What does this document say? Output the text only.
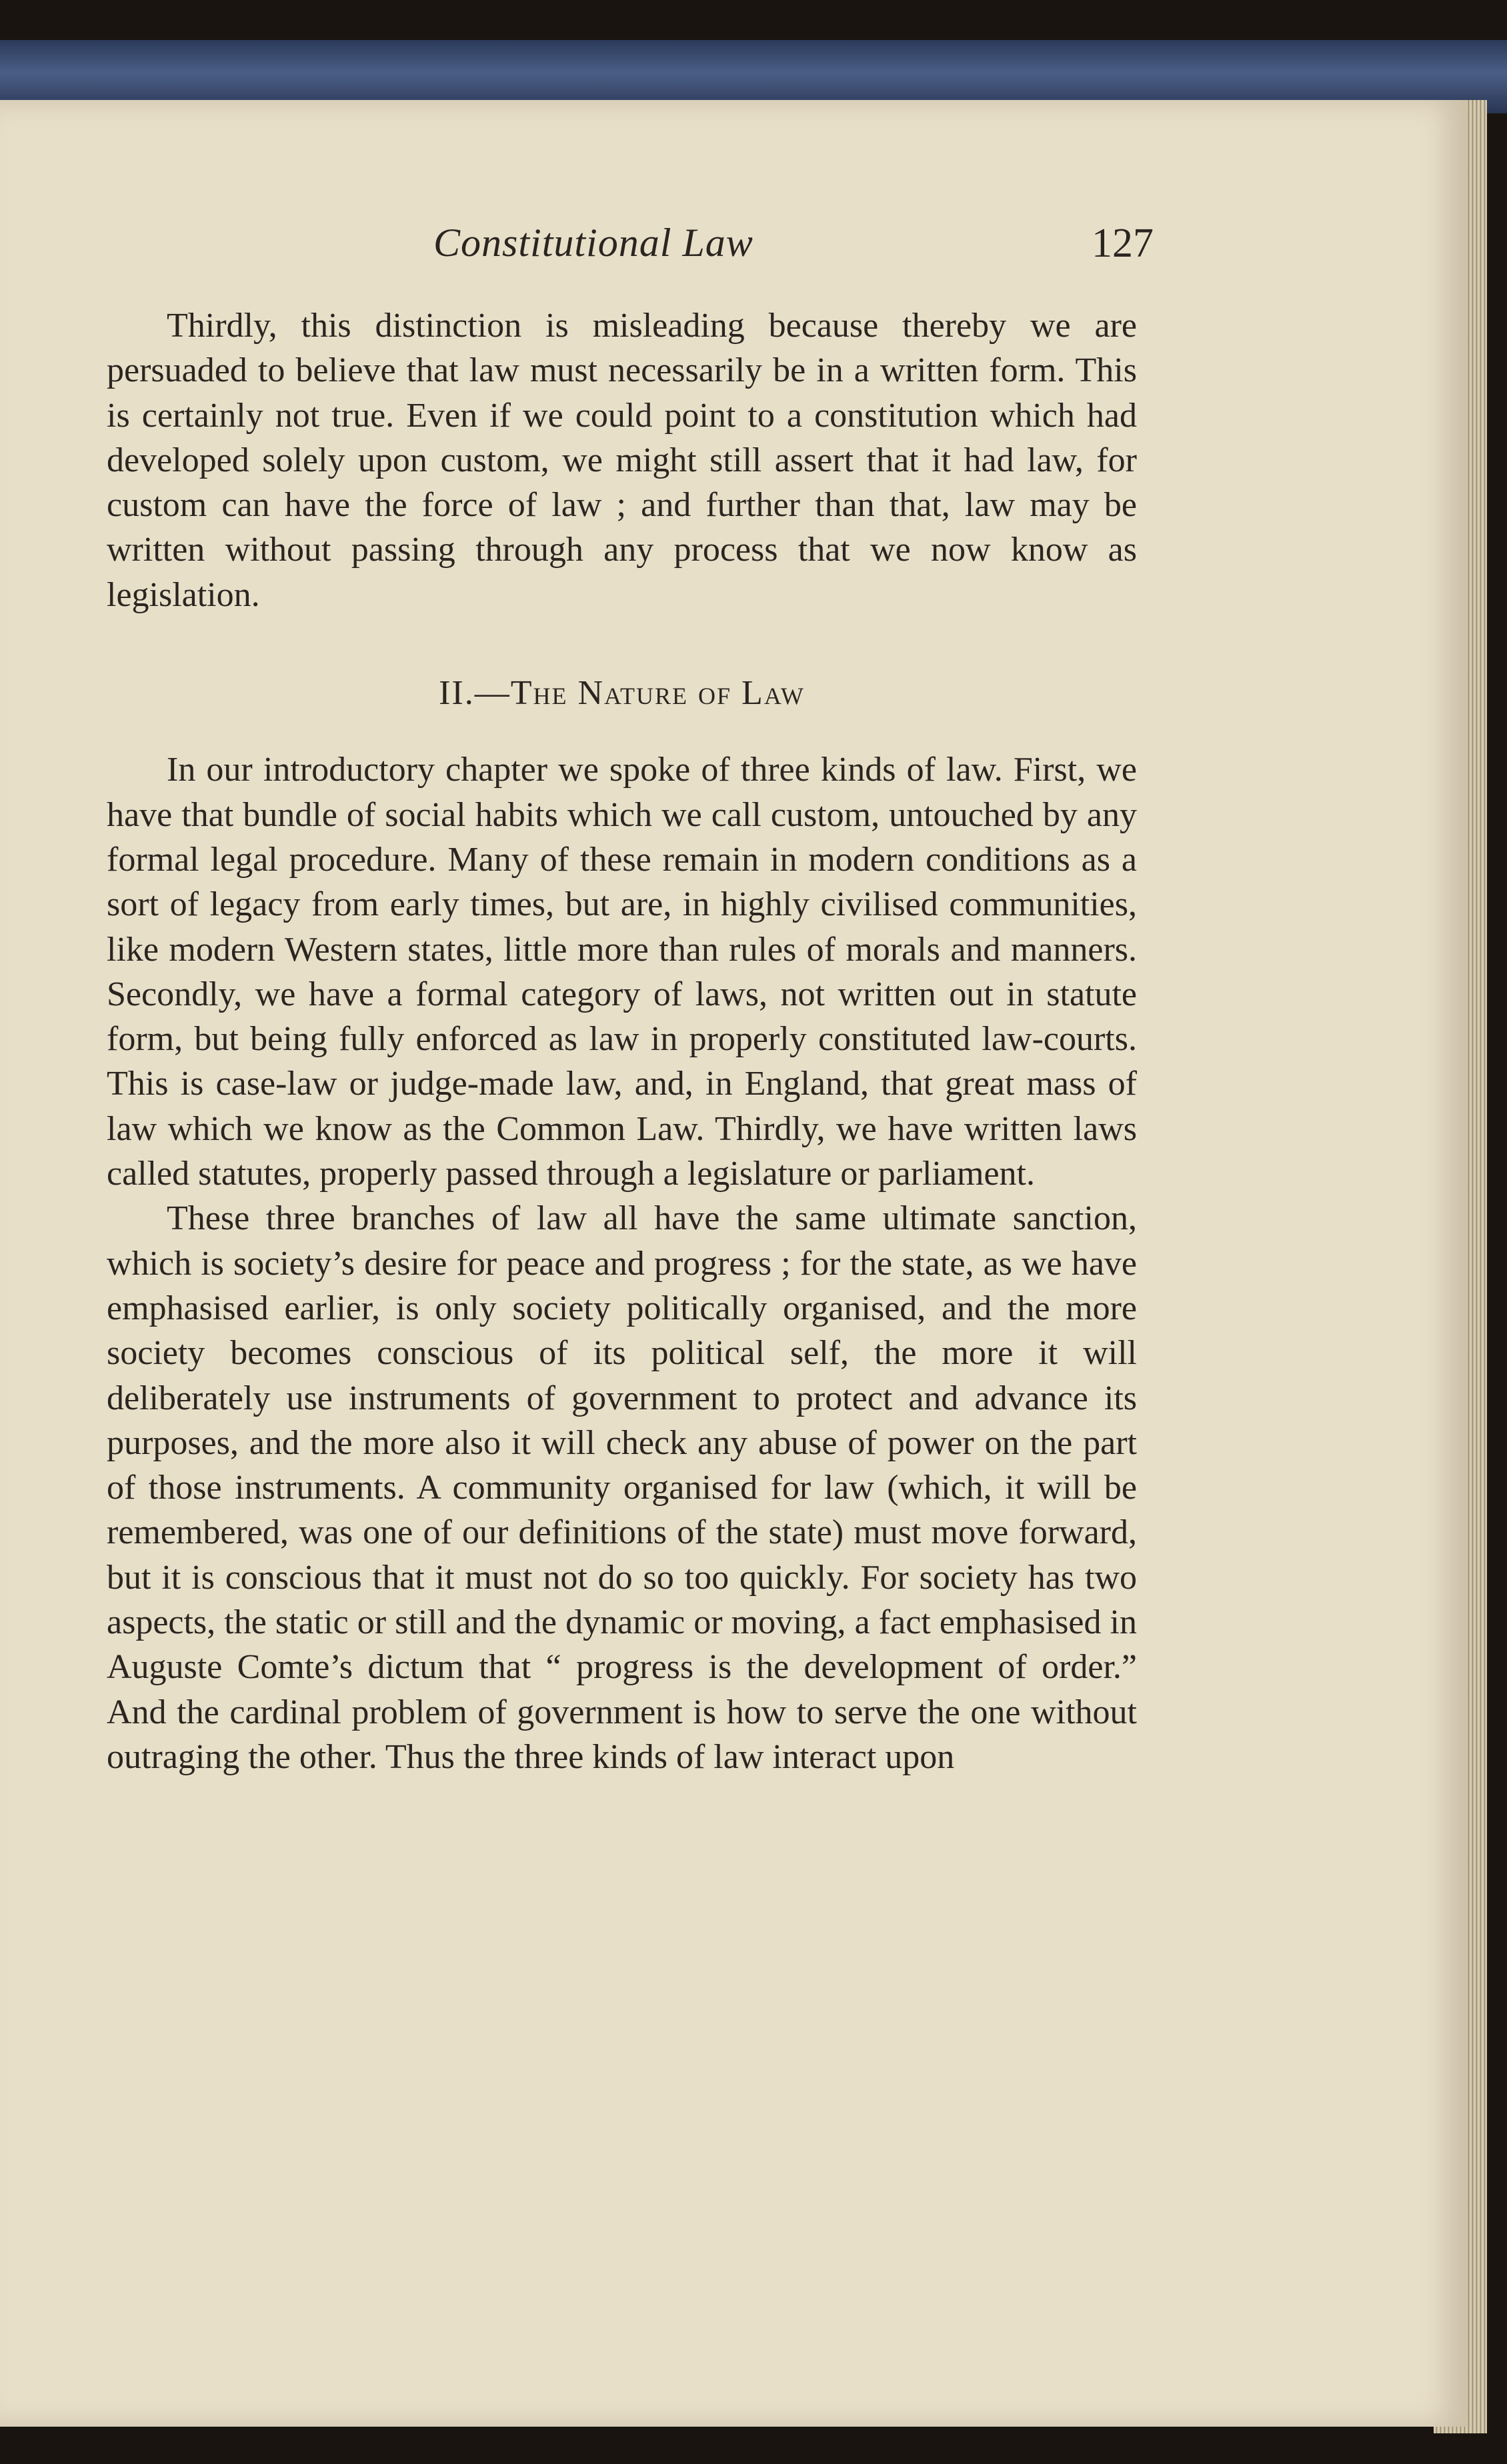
Constitutional Law	127

Thirdly, this distinction is misleading because thereby we are persuaded to believe that law must necessarily be in a written form. This is certainly not true. Even if we could point to a constitution which had developed solely upon custom, we might still assert that it had law, for custom can have the force of law ; and further than that, law may be written without passing through any process that we now know as legislation.

II.—The Nature of Law

In our introductory chapter we spoke of three kinds of law. First, we have that bundle of social habits which we call custom, untouched by any formal legal procedure. Many of these remain in modern conditions as a sort of legacy from early times, but are, in highly civilised communities, like modern Western states, little more than rules of morals and manners. Secondly, we have a formal category of laws, not written out in statute form, but being fully enforced as law in properly constituted law-courts. This is case-law or judge-made law, and, in England, that great mass of law which we know as the Common Law. Thirdly, we have written laws called statutes, properly passed through a legislature or parliament.

These three branches of law all have the same ultimate sanction, which is society’s desire for peace and progress ; for the state, as we have emphasised earlier, is only society politically organised, and the more society becomes conscious of its political self, the more it will deliberately use instruments of government to protect and advance its purposes, and the more also it will check any abuse of power on the part of those instruments. A community organised for law (which, it will be remembered, was one of our definitions of the state) must move forward, but it is conscious that it must not do so too quickly. For society has two aspects, the static or still and the dynamic or moving, a fact emphasised in Auguste Comte’s dictum that “ progress is the development of order.” And the cardinal problem of government is how to serve the one without outraging the other. Thus the three kinds of law interact upon
